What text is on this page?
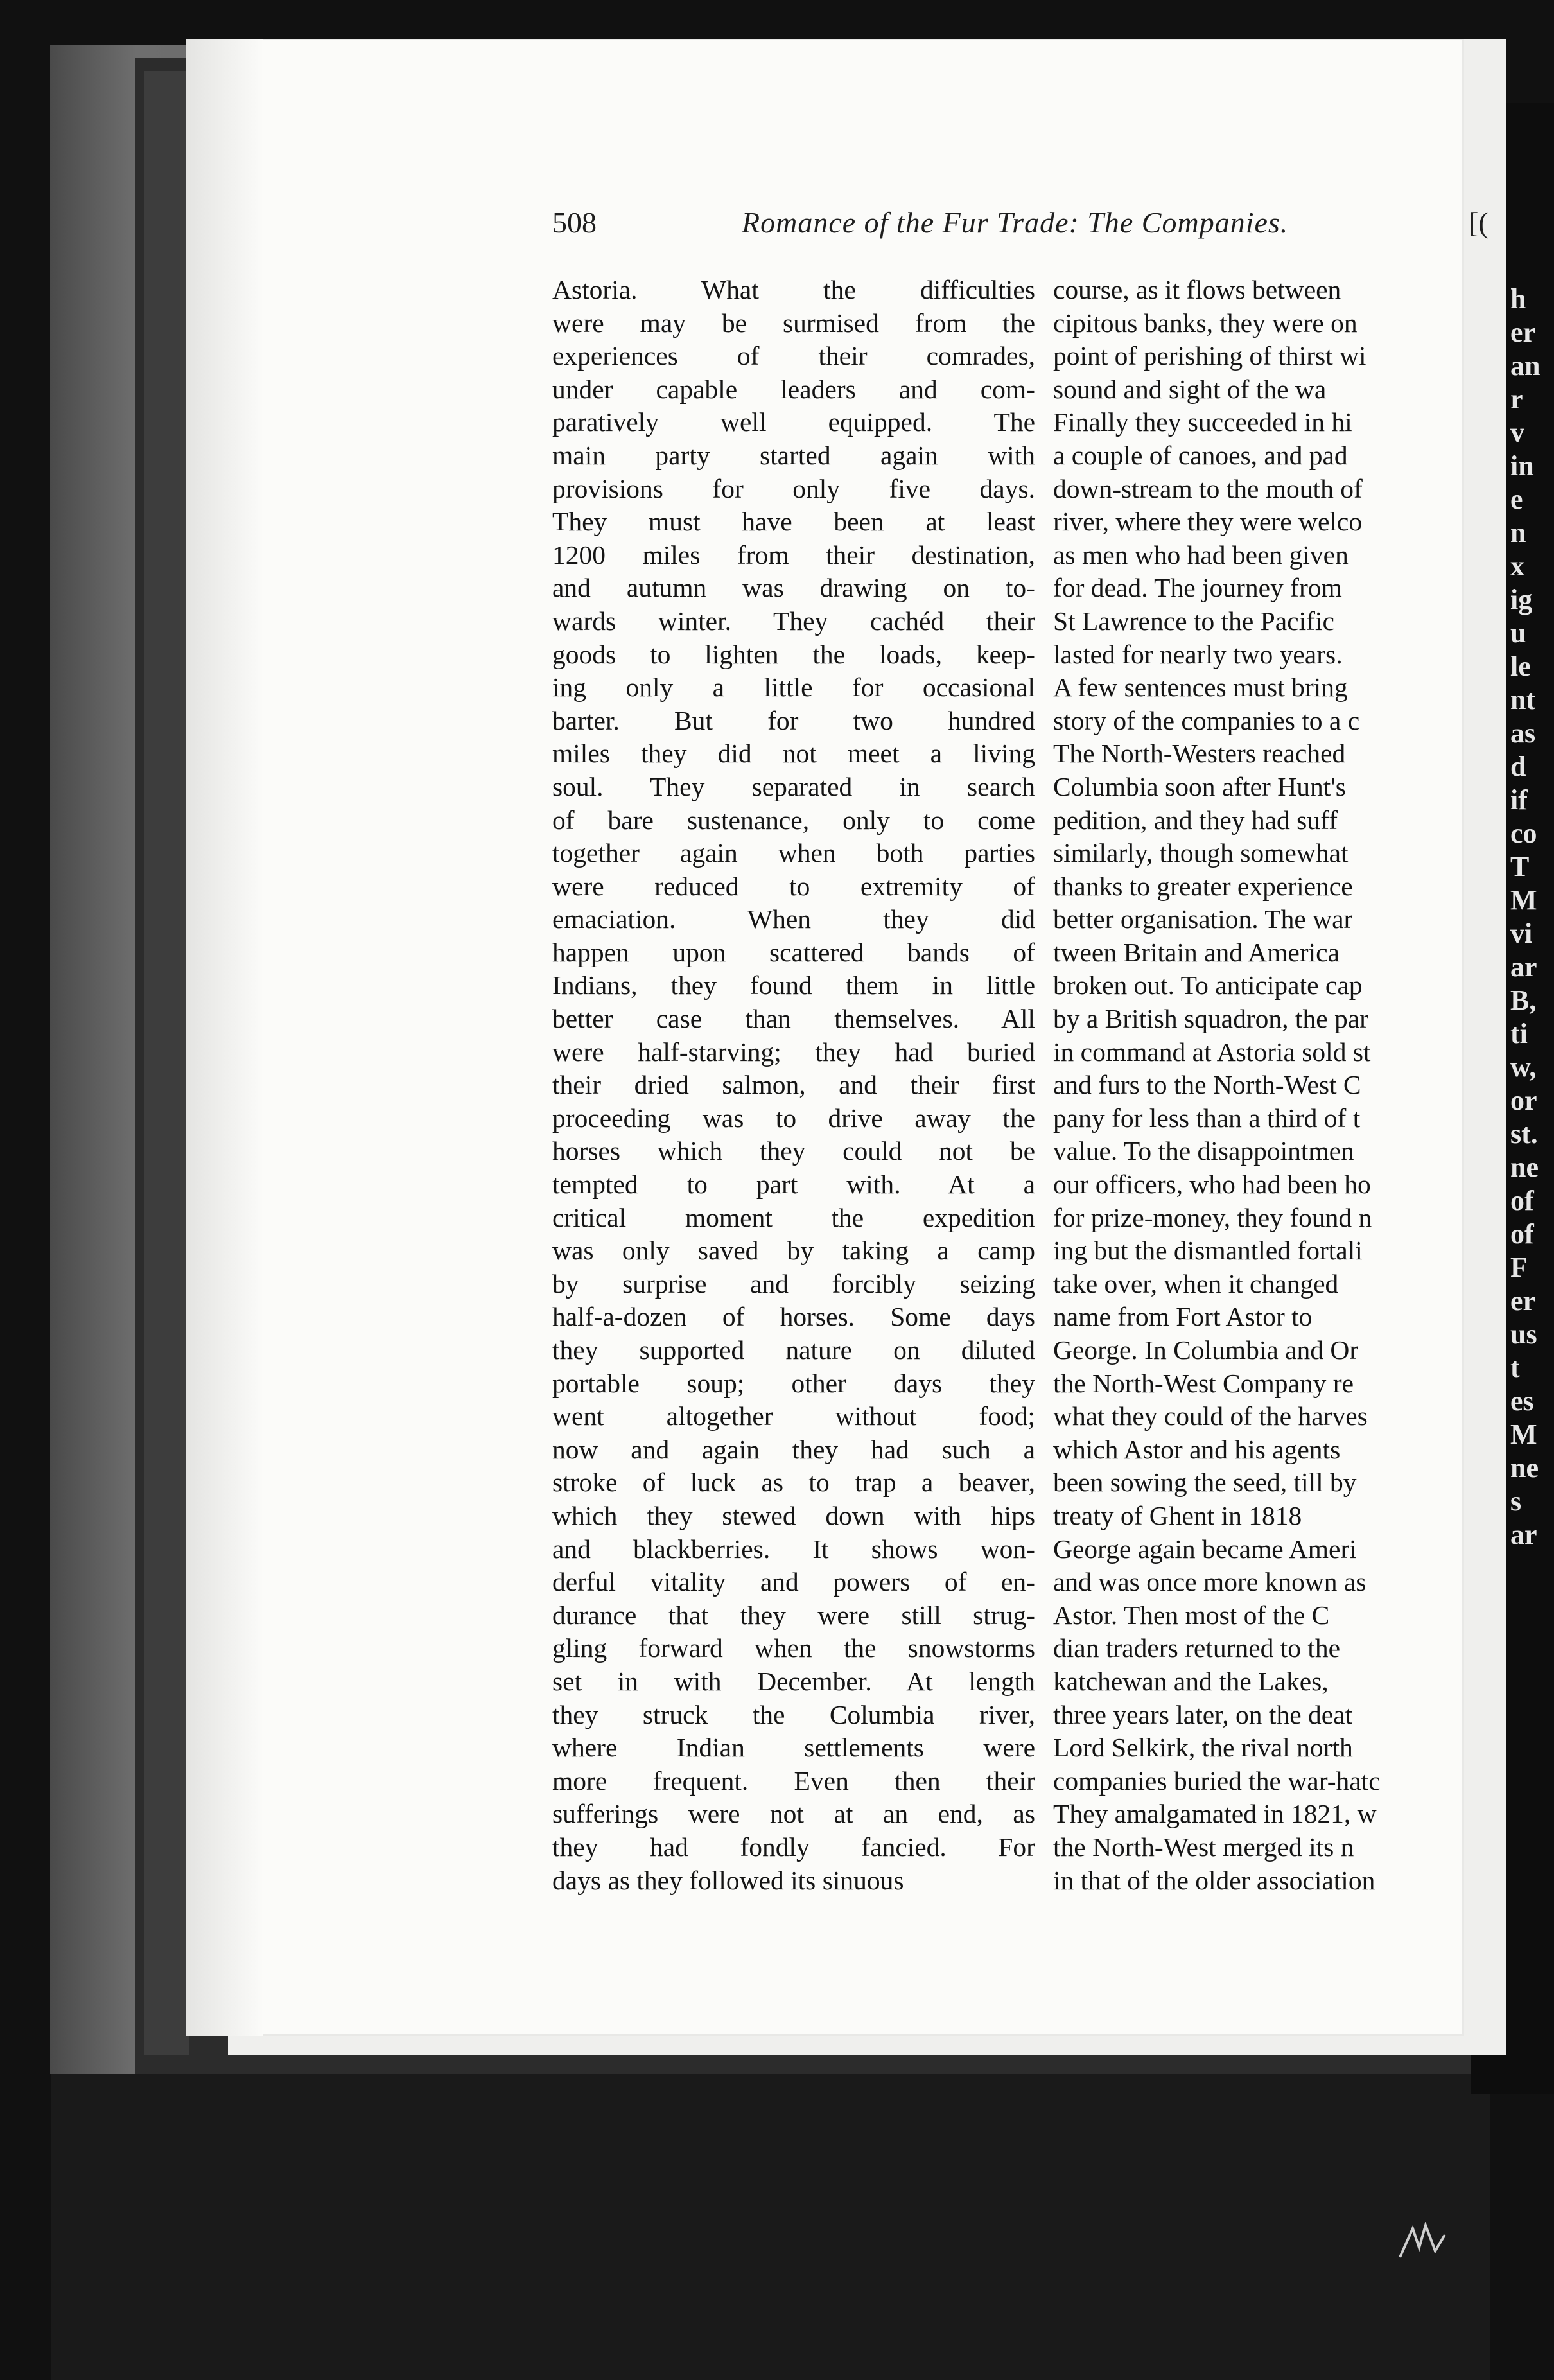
h
er
an
r
v
in
e
n
x
ig
u
le
nt
as
d
if
co
T
M
vi
ar
B,
ti
w,
or
st.
ne
of
of
F
er
us
t
es
M
ne
s
ar
508	Romance of the Fur Trade: The Companies.	[(
Astoria. What the difficulties
were may be surmised from the
experiences of their comrades,
under capable leaders and com-
paratively well equipped. The
main party started again with
provisions for only five days.
They must have been at least
1200 miles from their destination,
and autumn was drawing on to-
wards winter. They cachéd their
goods to lighten the loads, keep-
ing only a little for occasional
barter. But for two hundred
miles they did not meet a living
soul. They separated in search
of bare sustenance, only to come
together again when both parties
were reduced to extremity of
emaciation. When they did
happen upon scattered bands of
Indians, they found them in little
better case than themselves. All
were half-starving; they had buried
their dried salmon, and their first
proceeding was to drive away the
horses which they could not be
tempted to part with. At a
critical moment the expedition
was only saved by taking a camp
by surprise and forcibly seizing
half-a-dozen of horses. Some days
they supported nature on diluted
portable soup; other days they
went altogether without food;
now and again they had such a
stroke of luck as to trap a beaver,
which they stewed down with hips
and blackberries. It shows won-
derful vitality and powers of en-
durance that they were still strug-
gling forward when the snowstorms
set in with December. At length
they struck the Columbia river,
where Indian settlements were
more frequent. Even then their
sufferings were not at an end, as
they had fondly fancied. For
days as they followed its sinuous
course, as it flows between
cipitous banks, they were on
point of perishing of thirst wi
sound and sight of the wa
Finally they succeeded in hi
a couple of canoes, and pad
down-stream to the mouth of
river, where they were welco
as men who had been given
for dead. The journey from
St Lawrence to the Pacific
lasted for nearly two years.
A few sentences must bring
story of the companies to a c
The North-Westers reached
Columbia soon after Hunt's
pedition, and they had suff
similarly, though somewhat
thanks to greater experience
better organisation. The war
tween Britain and America
broken out. To anticipate cap
by a British squadron, the par
in command at Astoria sold st
and furs to the North-West C
pany for less than a third of t
value. To the disappointmen
our officers, who had been ho
for prize-money, they found n
ing but the dismantled fortali
take over, when it changed
name from Fort Astor to
George. In Columbia and Or
the North-West Company re
what they could of the harves
which Astor and his agents
been sowing the seed, till by
treaty of Ghent in 1818
George again became Ameri
and was once more known as
Astor. Then most of the C
dian traders returned to the
katchewan and the Lakes,
three years later, on the deat
Lord Selkirk, the rival north
companies buried the war-hatc
They amalgamated in 1821, w
the North-West merged its n
in that of the older association
